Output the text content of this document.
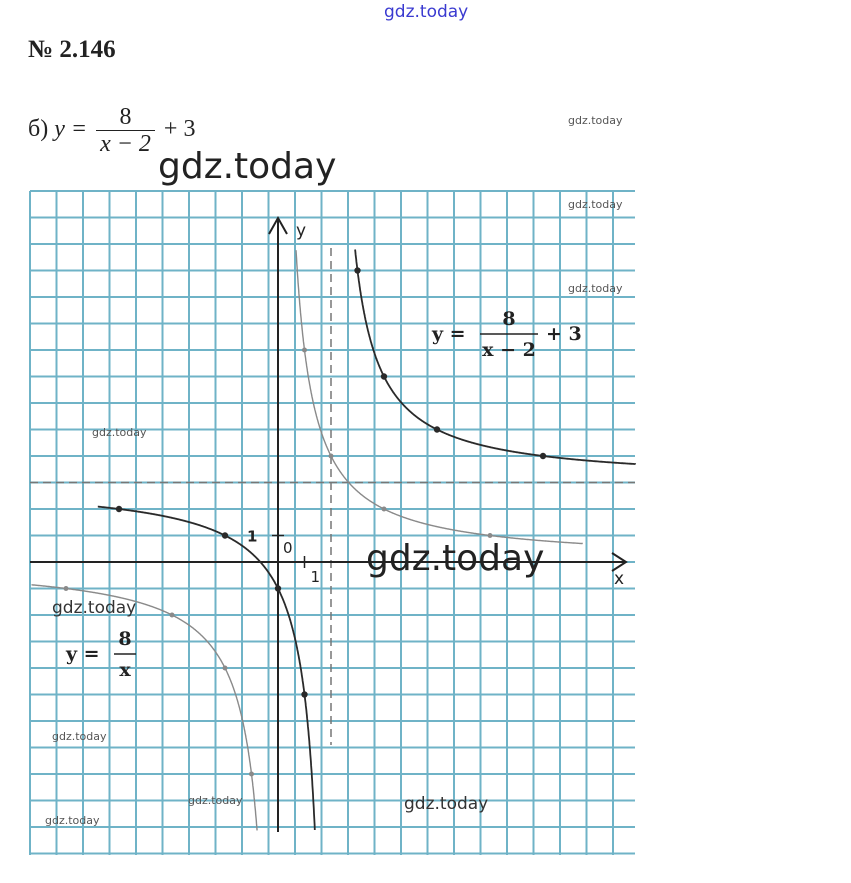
gdz.today
№ 2.146
б) $y = \frac{8}{x - 2} + 3$
x
y
0
1
1
y =
8
x − 2
+ 3
y =
8
x
gdz.today
gdz.today
gdz.today
gdz.today
gdz.today
gdz.today
gdz.today
gdz.today
gdz.today	gdz.today
gdz.today
